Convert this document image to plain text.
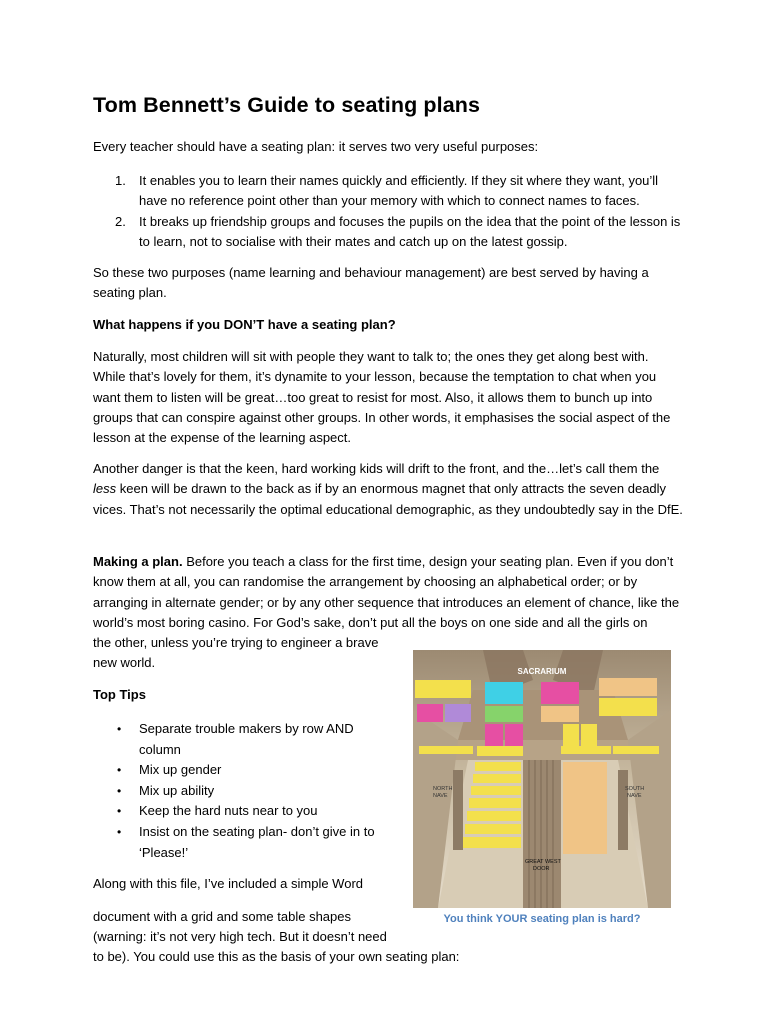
Tom Bennett’s Guide to seating plans

Every teacher should have a seating plan: it serves two very useful purposes:

1. It enables you to learn their names quickly and efficiently. If they sit where they want, you’ll have no reference point other than your memory with which to connect names to faces.
2. It breaks up friendship groups and focuses the pupils on the idea that the point of the lesson is to learn, not to socialise with their mates and catch up on the latest gossip.

So these two purposes (name learning and behaviour management) are best served by having a seating plan.

What happens if you DON’T have a seating plan?

Naturally, most children will sit with people they want to talk to; the ones they get along best with. While that’s lovely for them, it’s dynamite to your lesson, because the temptation to chat when you want them to listen will be great…too great to resist for most. Also, it allows them to bunch up into groups that can conspire against other groups. In other words, it emphasises the social aspect of the lesson at the expense of the learning aspect.

Another danger is that the keen, hard working kids will drift to the front, and the…let’s call them the less keen will be drawn to the back as if by an enormous magnet that only attracts the seven deadly vices. That’s not necessarily the optimal educational demographic, as they undoubtedly say in the DfE.

Making a plan. Before you teach a class for the first time, design your seating plan. Even if you don’t know them at all, you can randomise the arrangement by choosing an alphabetical order; or by arranging in alternate gender; or by any other sequence that introduces an element of chance, like the world’s most boring casino. For God’s sake, don’t put all the boys on one side and all the girls on

the other, unless you’re trying to engineer a brave

new world.

Top Tips

• Separate trouble makers by row AND column
• Mix up gender
• Mix up ability
• Keep the hard nuts near to you
• Insist on the seating plan- don’t give in to ‘Please!’

Along with this file, I’ve included a simple Word

document with a grid and some table shapes

(warning: it’s not very high tech. But it doesn’t need

to be). You could use this as the basis of your own seating plan:

SACRARIUM
NORTH
NAVE
SOUTH
NAVE
GREAT WEST
DOOR
You think YOUR seating plan is hard?
